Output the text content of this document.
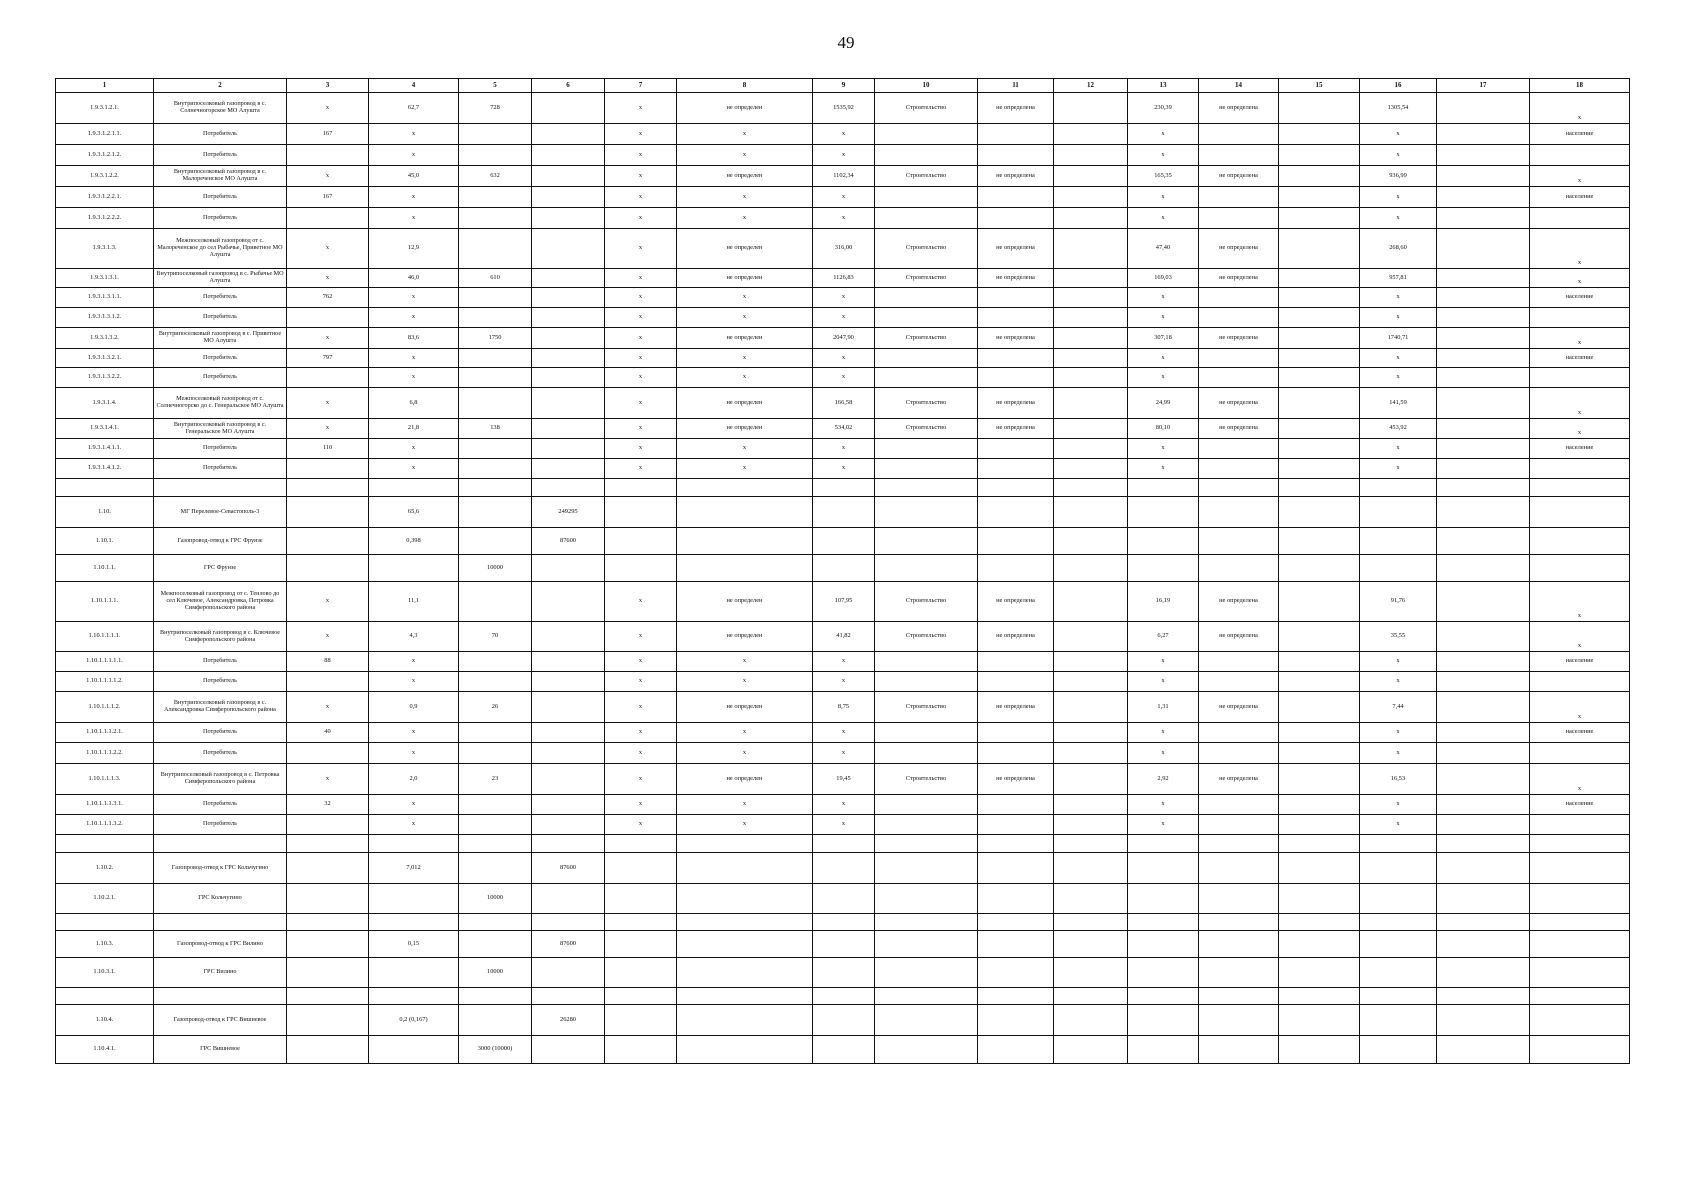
49
1	2	3	4	5	6	7	8	9	10	11	12	13	14	15	16	17	18
1.9.3.1.2.1.	Внутрипоселковый газопровод в с. Солнечногорское МО Алушта	х	62,7	728		х	не определен	1535,92	Строительство	не определена		230,39	не определена		1305,54		х
1.9.3.1.2.1.1.	Потребитель	167	х			х	х	х				х			х		население
1.9.3.1.2.1.2.	Потребитель		х			х	х	х				х			х		
1.9.3.1.2.2.	Внутрипоселковый газопровод в с. Малореченское МО Алушта	х	45,0	632		х	не определен	1102,34	Строительство	не определена		165,35	не определена		936,99		х
1.9.3.1.2.2.1.	Потребитель	167	х			х	х	х				х			х		население
1.9.3.1.2.2.2.	Потребитель		х			х	х	х				х			х		
1.9.3.1.3.	Межпоселковый газопровод от с. Малореченское до сел Рыбачье, Приветное МО Алушта	х	12,9			х	не определен	316,00	Строительство	не определена		47,40	не определена		268,60		х
1.9.3.1.3.1.	Внутрипоселковый газопровод в с. Рыбачье МО Алушта	х	46,0	610		х	не определен	1126,83	Строительство	не определена		169,03	не определена		957,81		х
1.9.3.1.3.1.1.	Потребитель	762	х			х	х	х				х			х		население
1.9.3.1.3.1.2.	Потребитель		х			х	х	х				х			х		
1.9.3.1.3.2.	Внутрипоселковый газопровод в с. Приветное МО Алушта	х	83,6	1750		х	не определен	2047,90	Строительство	не определена		307,18	не определена		1740,71		х
1.9.3.1.3.2.1.	Потребитель	797	х			х	х	х				х			х		население
1.9.3.1.3.2.2.	Потребитель		х			х	х	х				х			х		
1.9.3.1.4.	Межпоселковый газопровод от с. Солнечногорско до с. Генеральское МО Алушта	х	6,8			х	не определен	166,58	Строительство	не определена		24,99	не определена		141,59		х
1.9.3.1.4.1.	Внутрипоселковый газопровод в с. Генеральское МО Алушта	х	21,8	138		х	не определен	534,02	Строительство	не определена		80,10	не определена		453,92		х
1.9.3.1.4.1.1.	Потребитель	110	х			х	х	х				х			х		население
1.9.3.1.4.1.2.	Потребитель		х			х	х	х				х			х		

1.10.	МГ Перелевое-Севастополь-3		65,6		249295												
1.10.1.	Газопровод-отвод к ГРС Фрунзе		0,398		87600												
1.10.1.1.	ГРС Фрунзе			10000													
1.10.1.1.1.	Межпоселковый газопровод от с. Тенлово до сел Ключевое, Александровка, Петровка Симферопольского района	х	11,1			х	не определен	107,95	Строительство	не определена		16,19	не определена		91,76		х
1.10.1.1.1.1.	Внутрипоселковый газопровод в с. Ключевое Симферопольского района	х	4,3	70		х	не определен	41,82	Строительство	не определена		6,27	не определена		35,55		х
1.10.1.1.1.1.1.	Потребитель	88	х			х	х	х				х			х		население
1.10.1.1.1.1.2.	Потребитель		х			х	х	х				х			х		
1.10.1.1.1.2.	Внутрипоселковый газопровод в с. Александровка Симферопольского района	х	0,9	26		х	не определен	8,75	Строительство	не определена		1,31	не определена		7,44		х
1.10.1.1.1.2.1.	Потребитель	40	х			х	х	х				х			х		население
1.10.1.1.1.2.2.	Потребитель		х			х	х	х				х			х		
1.10.1.1.1.3.	Внутрипоселковый газопровод в с. Петровка Симферопольского района	х	2,0	23		х	не определен	19,45	Строительство	не определена		2,92	не определена		16,53		х
1.10.1.1.1.3.1.	Потребитель	32	х			х	х	х				х			х		население
1.10.1.1.1.3.2.	Потребитель		х			х	х	х				х			х		

1.10.2.	Газопровод-отвод к ГРС Кольчугино		7,012		87600												
1.10.2.1.	ГРС Кольчугино			10000													

1.10.3.	Газопровод-отвод к ГРС Вилино		0,15		87600												
1.10.3.1.	ГРС Вилино			10000													

1.10.4.	Газопровод-отвод к ГРС Вишневое		0,2 (0,167)		26280												
1.10.4.1.	ГРС Вишневое			3000 (10000)													
